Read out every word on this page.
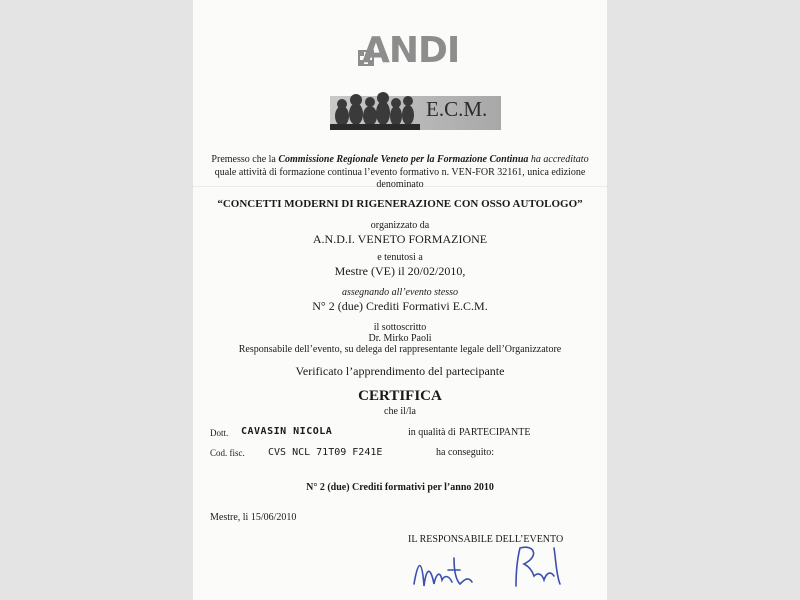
ANDI
E.C.M.
Premesso che la Commissione Regionale Veneto per la Formazione Continua ha accreditato
quale attività di formazione continua l’evento formativo n. VEN-FOR 32161, unica edizione
denominato
“CONCETTI MODERNI DI RIGENERAZIONE CON OSSO AUTOLOGO”
organizzato da
A.N.D.I. VENETO FORMAZIONE
e tenutosi a
Mestre (VE) il 20/02/2010,
assegnando all’evento stesso
N° 2 (due) Crediti Formativi E.C.M.
il sottoscritto
Dr. Mirko Paoli
Responsabile dell’evento, su delega del rappresentante legale dell’Organizzatore
Verificato l’apprendimento del partecipante
CERTIFICA
che il/la
Dott. CAVASIN NICOLA	in qualità di PARTECIPANTE
Cod. fisc. CVS NCL 71T09 F241E	ha conseguito:
N° 2 (due) Crediti formativi per l’anno 2010
Mestre, li 15/06/2010
IL RESPONSABILE DELL’EVENTO
